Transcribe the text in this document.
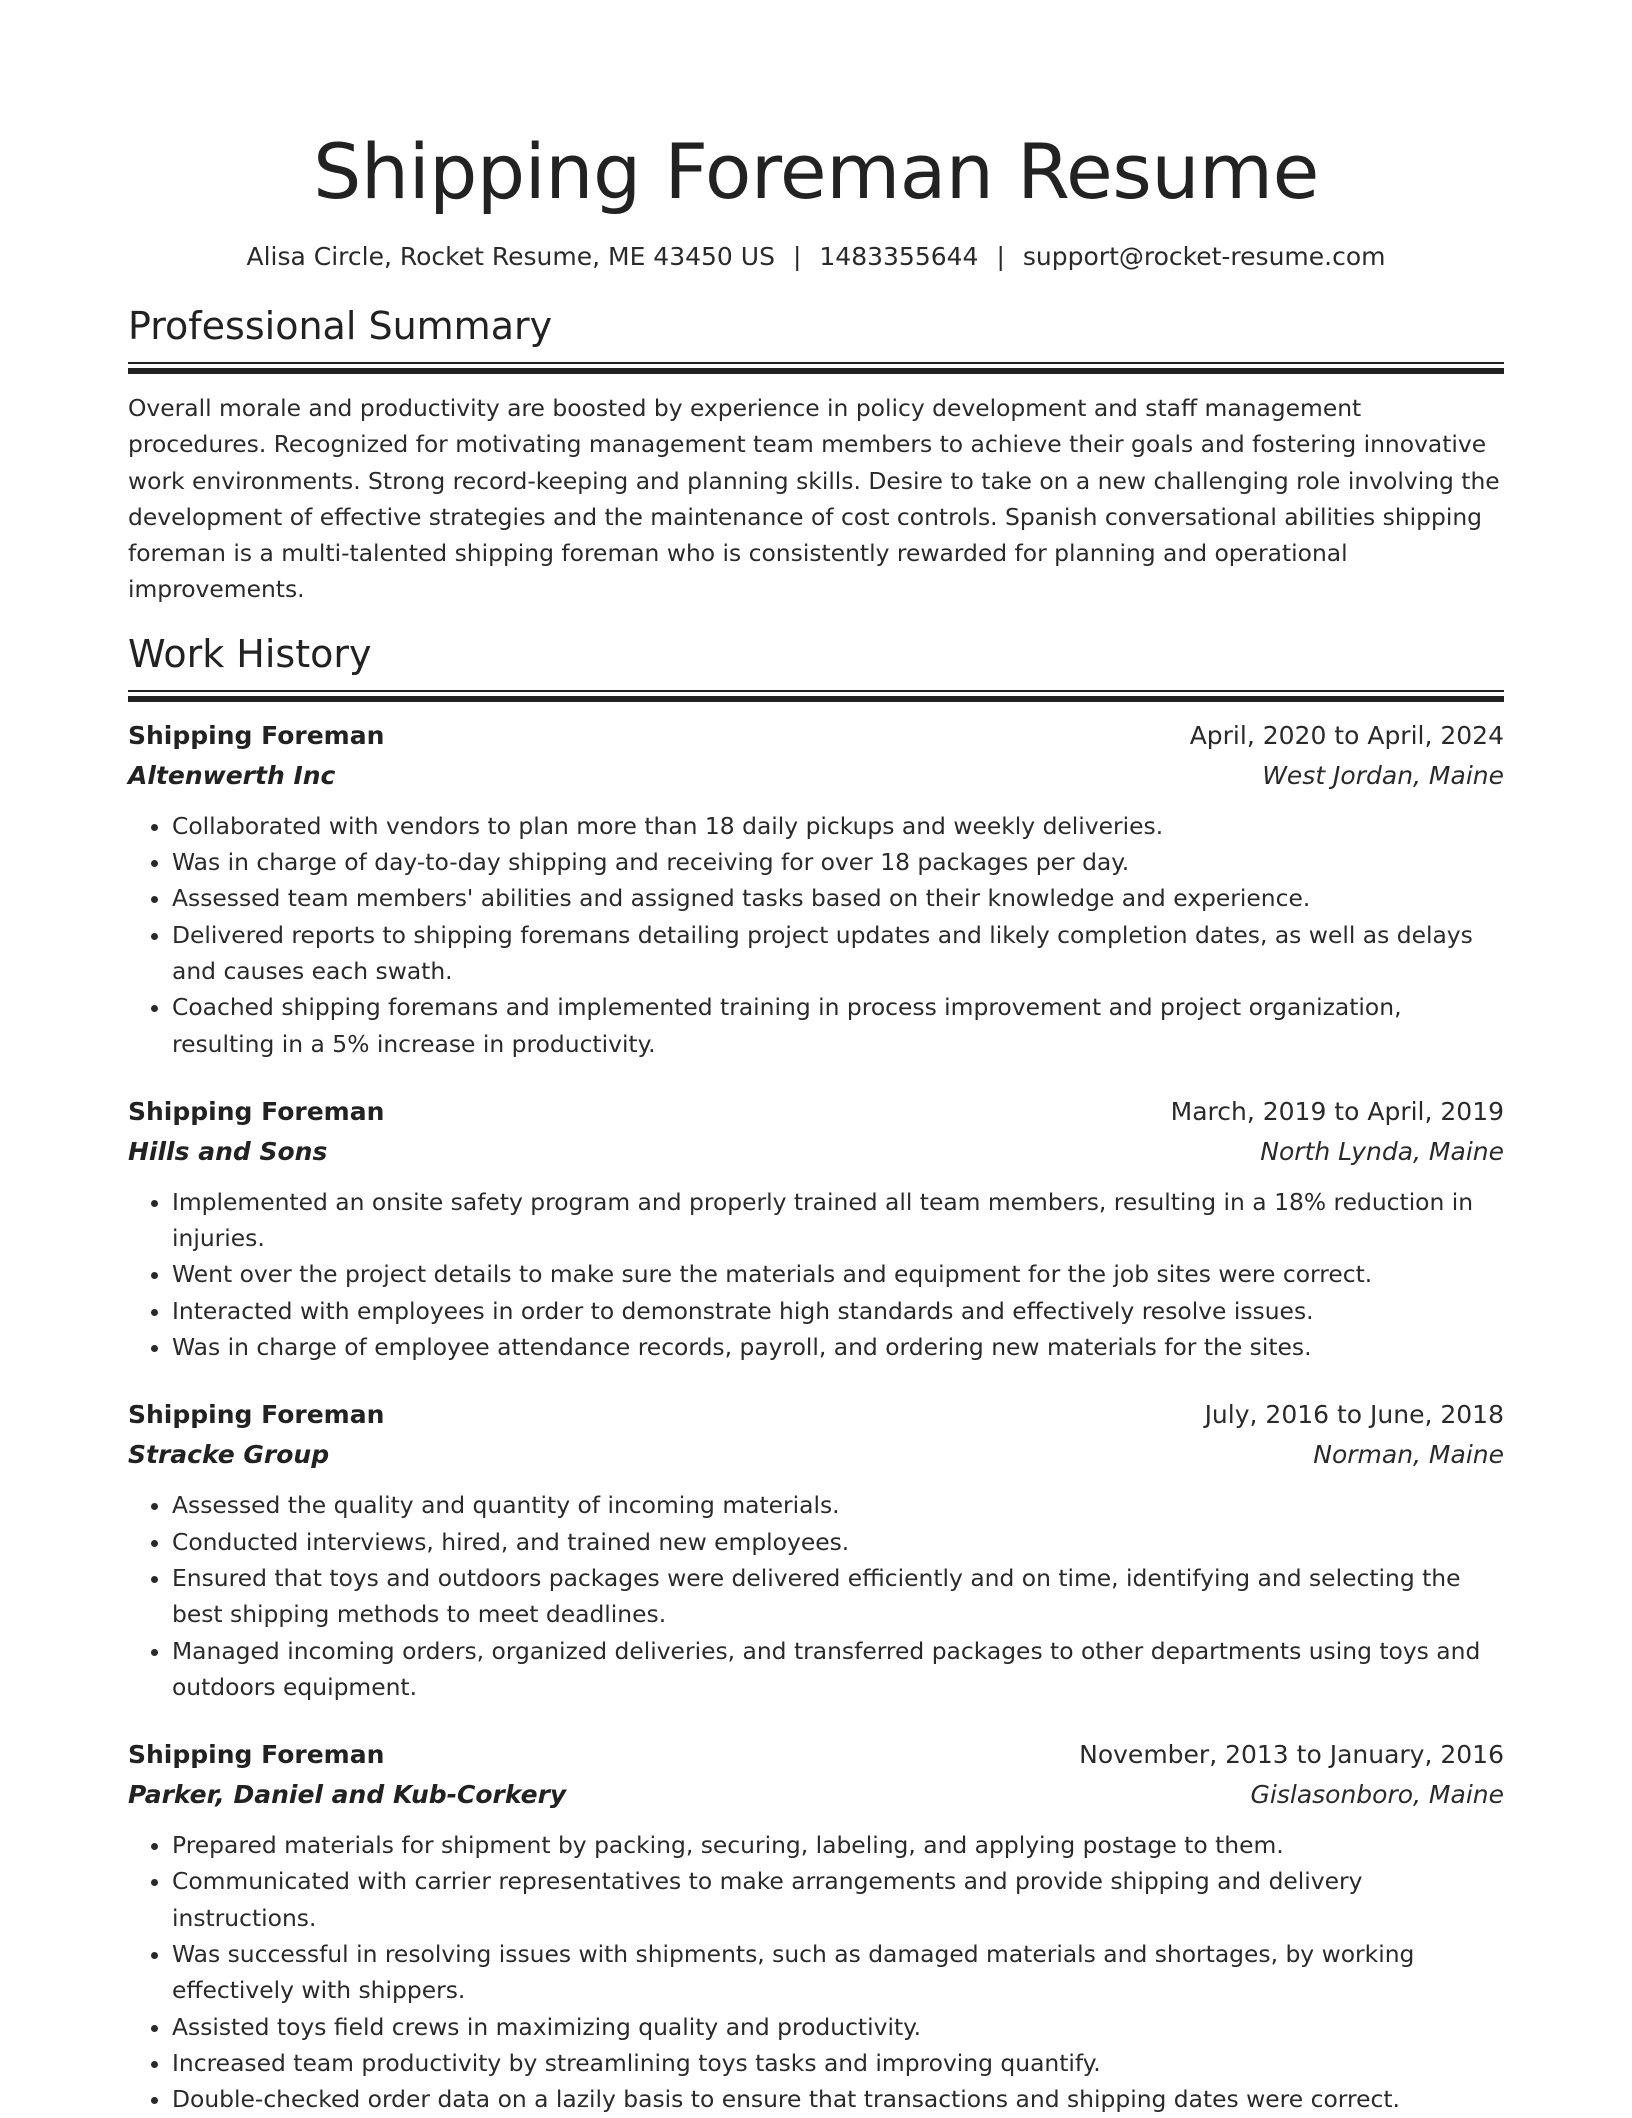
Shipping Foreman Resume
Alisa Circle, Rocket Resume, ME 43450 US | 1483355644 | support@rocket-resume.com
Professional Summary

Overall morale and productivity are boosted by experience in policy development and staff management procedures. Recognized for motivating management team members to achieve their goals and fostering innovative work environments. Strong record-keeping and planning skills. Desire to take on a new challenging role involving the development of effective strategies and the maintenance of cost controls. Spanish conversational abilities shipping foreman is a multi-talented shipping foreman who is consistently rewarded for planning and operational improvements.

Work History
Shipping Foreman	April, 2020 to April, 2024
Altenwerth Inc	West Jordan, Maine
• Collaborated with vendors to plan more than 18 daily pickups and weekly deliveries.
• Was in charge of day-to-day shipping and receiving for over 18 packages per day.
• Assessed team members' abilities and assigned tasks based on their knowledge and experience.
• Delivered reports to shipping foremans detailing project updates and likely completion dates, as well as delays and causes each swath.
• Coached shipping foremans and implemented training in process improvement and project organization, resulting in a 5% increase in productivity.
Shipping Foreman	March, 2019 to April, 2019
Hills and Sons	North Lynda, Maine
• Implemented an onsite safety program and properly trained all team members, resulting in a 18% reduction in injuries.
• Went over the project details to make sure the materials and equipment for the job sites were correct.
• Interacted with employees in order to demonstrate high standards and effectively resolve issues.
• Was in charge of employee attendance records, payroll, and ordering new materials for the sites.
Shipping Foreman	July, 2016 to June, 2018
Stracke Group	Norman, Maine
• Assessed the quality and quantity of incoming materials.
• Conducted interviews, hired, and trained new employees.
• Ensured that toys and outdoors packages were delivered efficiently and on time, identifying and selecting the best shipping methods to meet deadlines.
• Managed incoming orders, organized deliveries, and transferred packages to other departments using toys and outdoors equipment.
Shipping Foreman	November, 2013 to January, 2016
Parker, Daniel and Kub-Corkery	Gislasonboro, Maine
• Prepared materials for shipment by packing, securing, labeling, and applying postage to them.
• Communicated with carrier representatives to make arrangements and provide shipping and delivery instructions.
• Was successful in resolving issues with shipments, such as damaged materials and shortages, by working effectively with shippers.
• Assisted toys field crews in maximizing quality and productivity.
• Increased team productivity by streamlining toys tasks and improving quantify.
• Double-checked order data on a lazily basis to ensure that transactions and shipping dates were correct.
